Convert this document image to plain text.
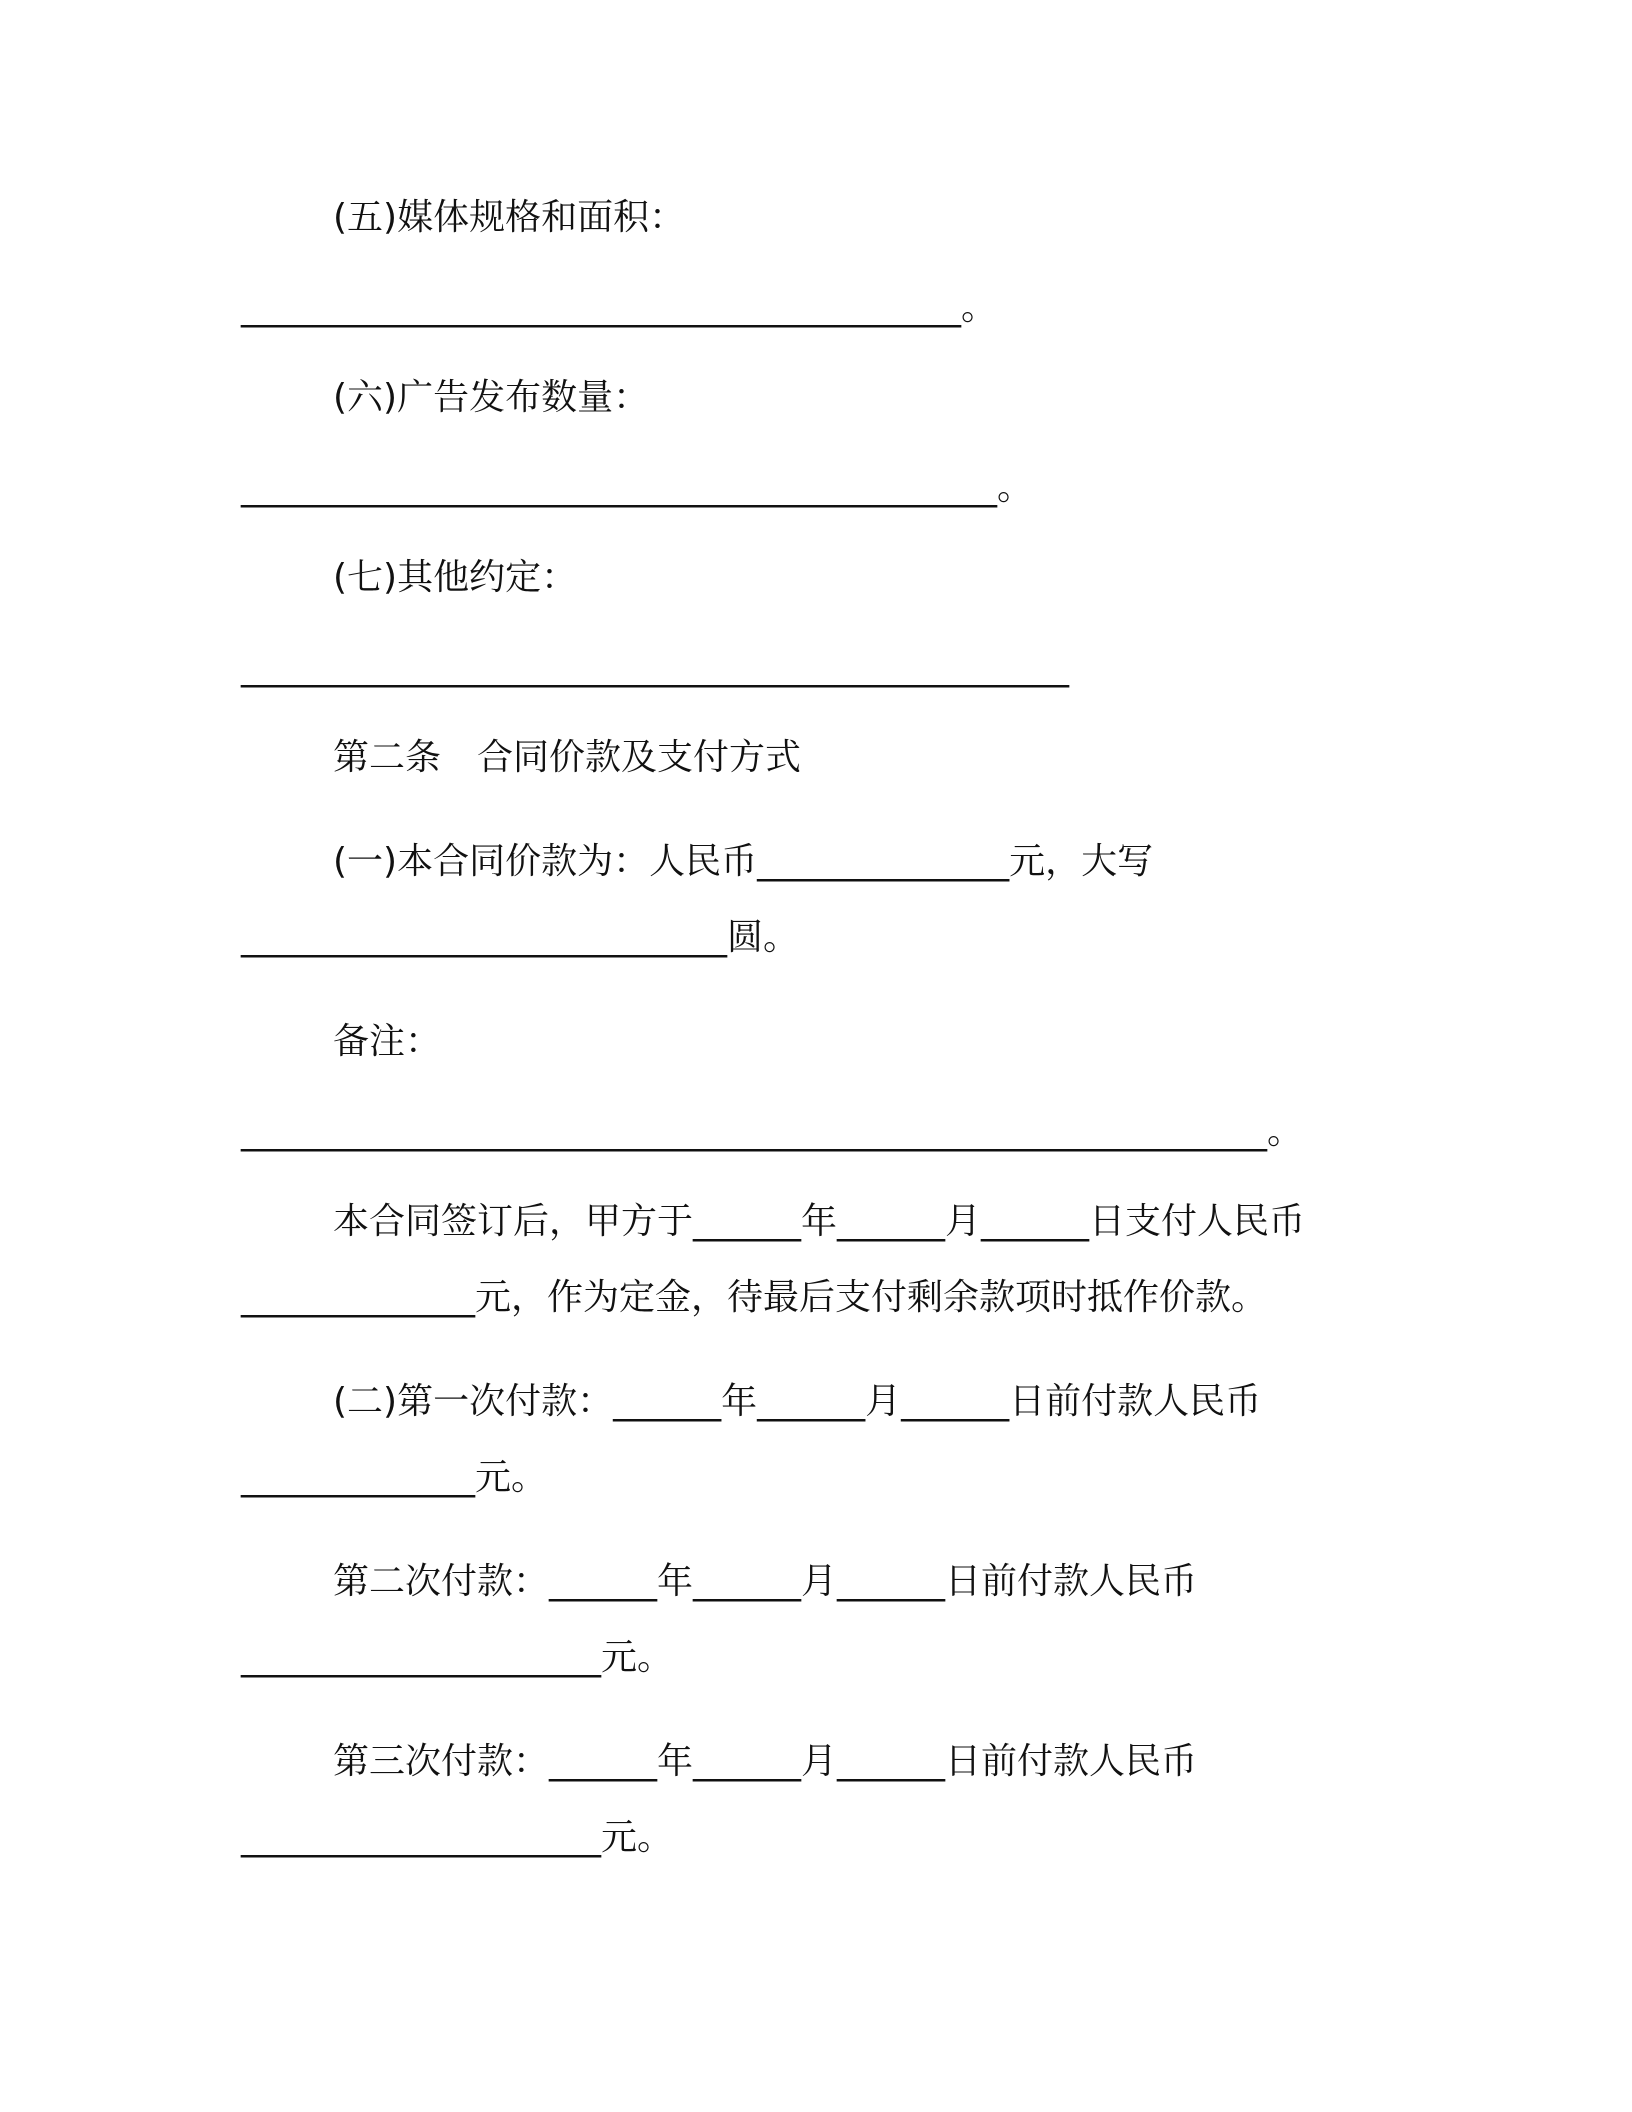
(五)媒体规格和面积：
________________________________________。
(六)广告发布数量：
__________________________________________。
(七)其他约定：
______________________________________________
第二条　合同价款及支付方式
(一)本合同价款为：人民币______________元，大写
___________________________圆。
备注：
_________________________________________________________。
本合同签订后，甲方于______年______月______日支付人民币
_____________元，作为定金，待最后支付剩余款项时抵作价款。
(二)第一次付款：______年______月______日前付款人民币
_____________元。
第二次付款：______年______月______日前付款人民币
____________________元。
第三次付款：______年______月______日前付款人民币
____________________元。
